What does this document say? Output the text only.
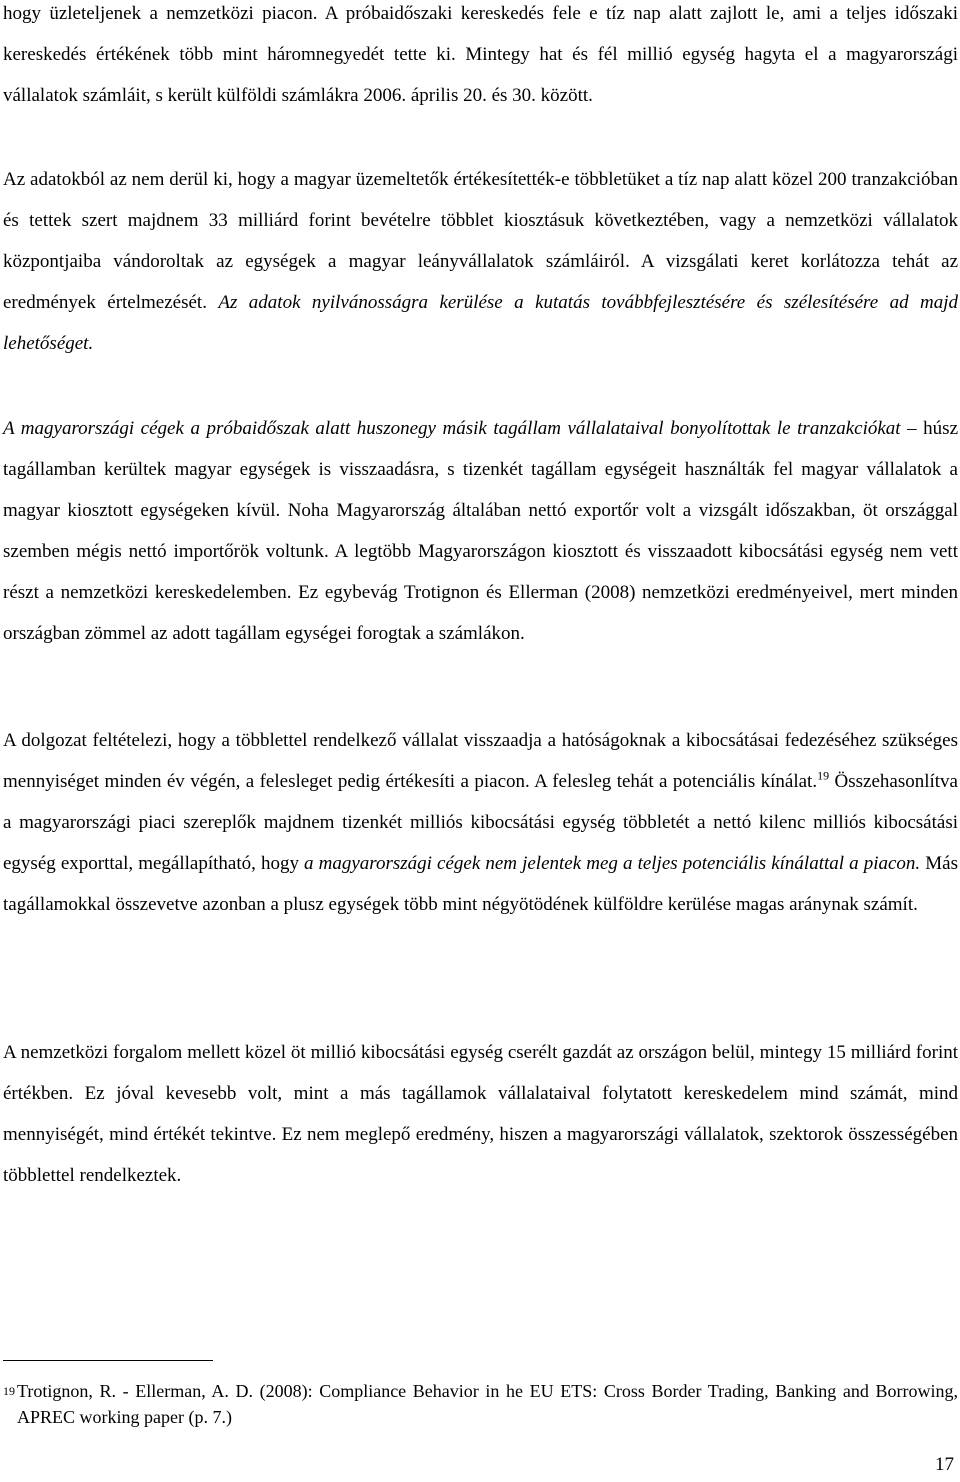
hogy üzleteljenek a nemzetközi piacon. A próbaidőszaki kereskedés fele e tíz nap alatt zajlott le, ami a teljes időszaki kereskedés értékének több mint háromnegyedét tette ki. Mintegy hat és fél millió egység hagyta el a magyarországi vállalatok számláit, s került külföldi számlákra 2006. április 20. és 30. között.

Az adatokból az nem derül ki, hogy a magyar üzemeltetők értékesítették-e többletüket a tíz nap alatt közel 200 tranzakcióban és tettek szert majdnem 33 milliárd forint bevételre többlet kiosztásuk következtében, vagy a nemzetközi vállalatok központjaiba vándoroltak az egységek a magyar leányvállalatok számláiról. A vizsgálati keret korlátozza tehát az eredmények értelmezését. Az adatok nyilvánosságra kerülése a kutatás továbbfejlesztésére és szélesítésére ad majd lehetőséget.

A magyarországi cégek a próbaidőszak alatt huszonegy másik tagállam vállalataival bonyolítottak le tranzakciókat – húsz tagállamban kerültek magyar egységek is visszaadásra, s tizenkét tagállam egységeit használták fel magyar vállalatok a magyar kiosztott egységeken kívül. Noha Magyarország általában nettó exportőr volt a vizsgált időszakban, öt országgal szemben mégis nettó importőrök voltunk. A legtöbb Magyarországon kiosztott és visszaadott kibocsátási egység nem vett részt a nemzetközi kereskedelemben. Ez egybevág Trotignon és Ellerman (2008) nemzetközi eredményeivel, mert minden országban zömmel az adott tagállam egységei forogtak a számlákon.

A dolgozat feltételezi, hogy a többlettel rendelkező vállalat visszaadja a hatóságoknak a kibocsátásai fedezéséhez szükséges mennyiséget minden év végén, a felesleget pedig értékesíti a piacon. A felesleg tehát a potenciális kínálat.$^{19}$ Összehasonlítva a magyarországi piaci szereplők majdnem tizenkét milliós kibocsátási egység többletét a nettó kilenc milliós kibocsátási egység exporttal, megállapítható, hogy a magyarországi cégek nem jelentek meg a teljes potenciális kínálattal a piacon. Más tagállamokkal összevetve azonban a plusz egységek több mint négyötödének külföldre kerülése magas aránynak számít.

A nemzetközi forgalom mellett közel öt millió kibocsátási egység cserélt gazdát az országon belül, mintegy 15 milliárd forint értékben. Ez jóval kevesebb volt, mint a más tagállamok vállalataival folytatott kereskedelem mind számát, mind mennyiségét, mind értékét tekintve. Ez nem meglepő eredmény, hiszen a magyarországi vállalatok, szektorok összességében többlettel rendelkeztek.

19 Trotignon, R. - Ellerman, A. D. (2008): Compliance Behavior in he EU ETS: Cross Border Trading, Banking and Borrowing, APREC working paper (p. 7.)

17
